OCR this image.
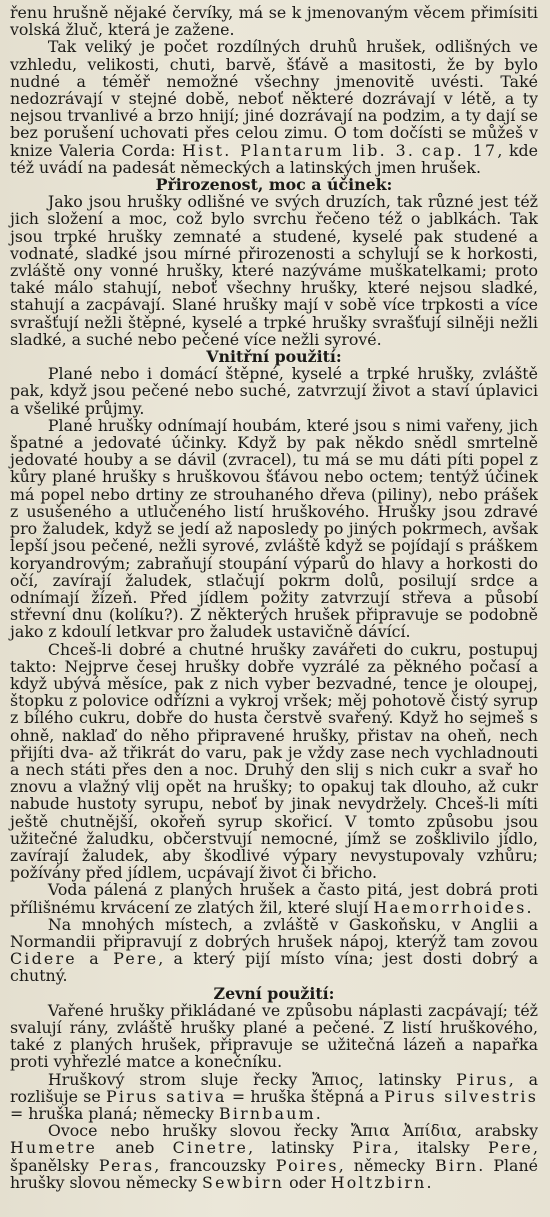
řenu hrušně nějaké červíky, má se k jmenovaným věcem přimísiti volská žluč, která je zažene.
Tak veliký je počet rozdílných druhů hrušek, odlišných ve vzhledu, velikosti, chuti, barvě, šťávě a masitosti, že by bylo nudné a téměř nemožné všechny jmenovitě uvésti. Také nedozrávají v stejné době, neboť některé dozrávají v létě, a ty nejsou trvanlivé a brzo hnijí; jiné dozrávají na podzim, a ty dají se bez porušení uchovati přes celou zimu. O tom dočísti se můžeš v knize Valeria Corda: Hist. Plantarum lib. 3. cap. 17, kde též uvádí na padesát německých a latinských jmen hrušek.
Přirozenost, moc a účinek:
Jako jsou hrušky odlišné ve svých druzích, tak různé jest též jich složení a moc, což bylo svrchu řečeno též o jablkách. Tak jsou trpké hrušky zemnaté a studené, kyselé pak studené a vodnaté, sladké jsou mírné přirozenosti a schylují se k horkosti, zvláště ony vonné hrušky, které nazýváme muškatelkami; proto také málo stahují, neboť všechny hrušky, které nejsou sladké, stahují a zacpávají. Slané hrušky mají v sobě více trpkosti a více svrašťují nežli štěpné, kyselé a trpké hrušky svrašťují silněji nežli sladké, a suché nebo pečené více nežli syrové.
Vnitřní použití:
Plané nebo i domácí štěpné, kyselé a trpké hrušky, zvláště pak, když jsou pečené nebo suché, zatvrzují život a staví úplavici a všeliké průjmy.
Plané hrušky odnímají houbám, které jsou s nimi vařeny, jich špatné a jedovaté účinky. Když by pak někdo snědl smrtelně jedovaté houby a se dávil (zvracel), tu má se mu dáti píti popel z kůry plané hrušky s hruškovou šťávou nebo octem; tentýž účinek má popel nebo drtiny ze strouhaného dřeva (piliny), nebo prášek z usušeného a utlučeného listí hruškového. Hrušky jsou zdravé pro žaludek, když se jedí až naposledy po jiných pokrmech, avšak lepší jsou pečené, nežli syrové, zvláště když se pojídají s práškem koryandrovým; zabraňují stoupání výparů do hlavy a horkosti do očí, zavírají žaludek, stlačují pokrm dolů, posilují srdce a odnímají žízeň. Před jídlem požity zatvrzují střeva a působí střevní dnu (kolíku?). Z některých hrušek připravuje se podobně jako z kdoulí letkvar pro žaludek ustavičně dávící.
Chceš-li dobré a chutné hrušky zavářeti do cukru, postupuj takto: Nejprve česej hrušky dobře vyzrálé za pěkného počasí a když ubývá měsíce, pak z nich vyber bezvadné, tence je oloupej, štopku z polovice odřízni a vykroj vršek; měj pohotově čistý syrup z bílého cukru, dobře do husta čerstvě svařený. Když ho sejmeš s ohně, naklaď do něho připravené hrušky, přistav na oheň, nech přijíti dva- až třikrát do varu, pak je vždy zase nech vychladnouti a nech státi přes den a noc. Druhý den slij s nich cukr a svař ho znovu a vlažný vlij opět na hrušky; to opakuj tak dlouho, až cukr nabude hustoty syrupu, neboť by jinak nevydržely. Chceš-li míti ještě chutnější, okořeň syrup skořicí. V tomto způsobu jsou užitečné žaludku, občerstvují nemocné, jímž se zošklivilo jídlo, zavírají žaludek, aby škodlivé výpary nevystupovaly vzhůru; požívány před jídlem, ucpávají život či břicho.
Voda pálená z planých hrušek a často pitá, jest dobrá proti přílišnému krvácení ze zlatých žil, které slují Haemorrhoides.
Na mnohých místech, a zvláště v Gaskoňsku, v Anglii a Normandii připravují z dobrých hrušek nápoj, kterýž tam zovou Cidere a Pere, a který pijí místo vína; jest dosti dobrý a chutný.
Zevní použití:
Vařené hrušky přikládané ve způsobu náplasti zacpávají; též svalují rány, zvláště hrušky plané a pečené. Z listí hruškového, také z planých hrušek, připravuje se užitečná lázeň a napařka proti vyhřezlé matce a konečníku.
Hruškový strom sluje řecky Ἄπιος, latinsky Pirus, a rozlišuje se Pirus sativa = hruška štěpná a Pirus silvestris = hruška planá; německy Birnbaum.
Ovoce nebo hrušky slovou řecky Ἄπια Ἀπίδια, arabsky Humetre aneb Cinetre, latinsky Pira, italsky Pere, španělsky Peras, francouzsky Poires, německy Birn. Plané hrušky slovou německy Sewbirn oder Holtzbirn.
